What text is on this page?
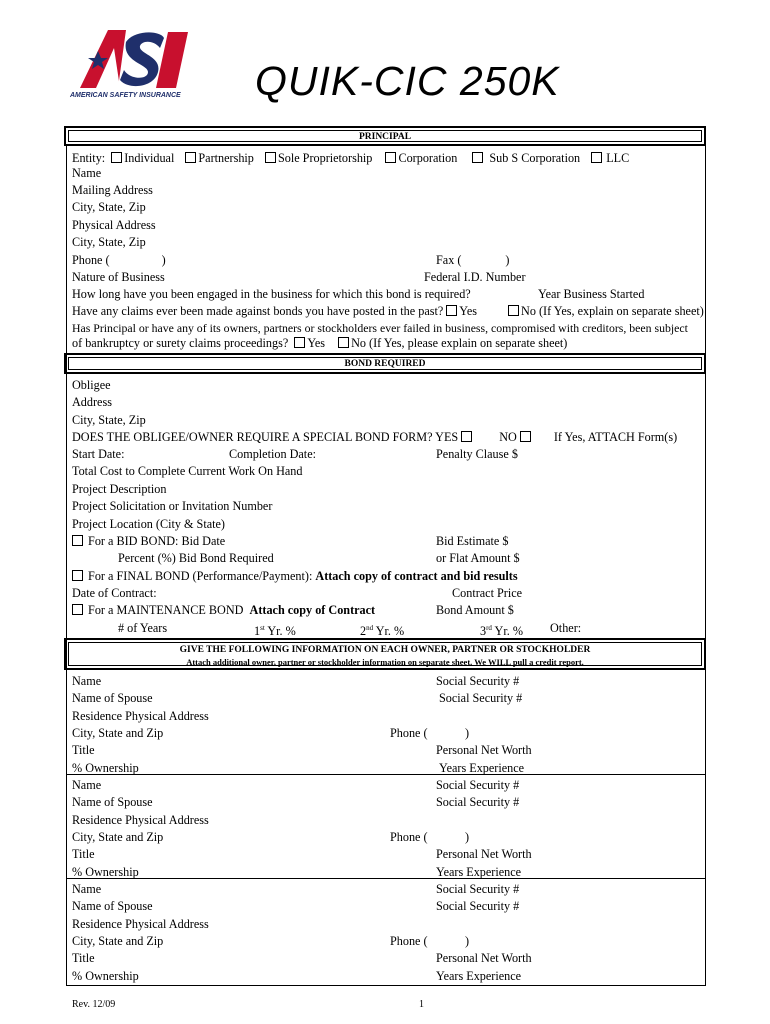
AMERICAN SAFETY INSURANCE QUIK-CIC 250K
PRINCIPAL
Entity: Individual Partnership Sole Proprietorship Corporation	Sub S Corporation LLC
Name
Mailing Address
City, State, Zip
Physical Address
City, State, Zip
Phone (	)	Fax (	)
Nature of Business	Federal I.D. Number
How long have you been engaged in the business for which this bond is required?	Year Business Started
Have any claims ever been made against bonds you have posted in the past? Yes	No (If Yes, explain on separate sheet)
Has Principal or have any of its owners, partners or stockholders ever failed in business, compromised with creditors, been subject
of bankruptcy or surety claims proceedings? Yes No (If Yes, please explain on separate sheet)
BOND REQUIRED
Obligee
Address
City, State, Zip
DOES THE OBLIGEE/OWNER REQUIRE A SPECIAL BOND FORM? YES	NO	If Yes, ATTACH Form(s)
Start Date:	Completion Date:	Penalty Clause $
Total Cost to Complete Current Work On Hand
Project Description
Project Solicitation or Invitation Number
Project Location (City & State)
For a BID BOND: Bid Date	Bid Estimate $
Percent (%) Bid Bond Required	or Flat Amount $
For a FINAL BOND (Performance/Payment): Attach copy of contract and bid results
Date of Contract:	Contract Price
For a MAINTENANCE BOND Attach copy of Contract	Bond Amount $
# of Years	1st Yr. %	2nd Yr. %	3rd Yr. % Other:
GIVE THE FOLLOWING INFORMATION ON EACH OWNER, PARTNER OR STOCKHOLDER
Attach additional owner, partner or stockholder information on separate sheet. We WILL pull a credit report.
Name	Social Security #
Name of Spouse	Social Security #
Residence Physical Address
City, State and Zip	Phone (	)
Title	Personal Net Worth
% Ownership	Years Experience
Name	Social Security #
Name of Spouse	Social Security #
Residence Physical Address
City, State and Zip	Phone (	)
Title	Personal Net Worth
% Ownership	Years Experience
Name	Social Security #
Name of Spouse	Social Security #
Residence Physical Address
City, State and Zip	Phone (	)
Title	Personal Net Worth
% Ownership	Years Experience
Rev. 12/09	1
